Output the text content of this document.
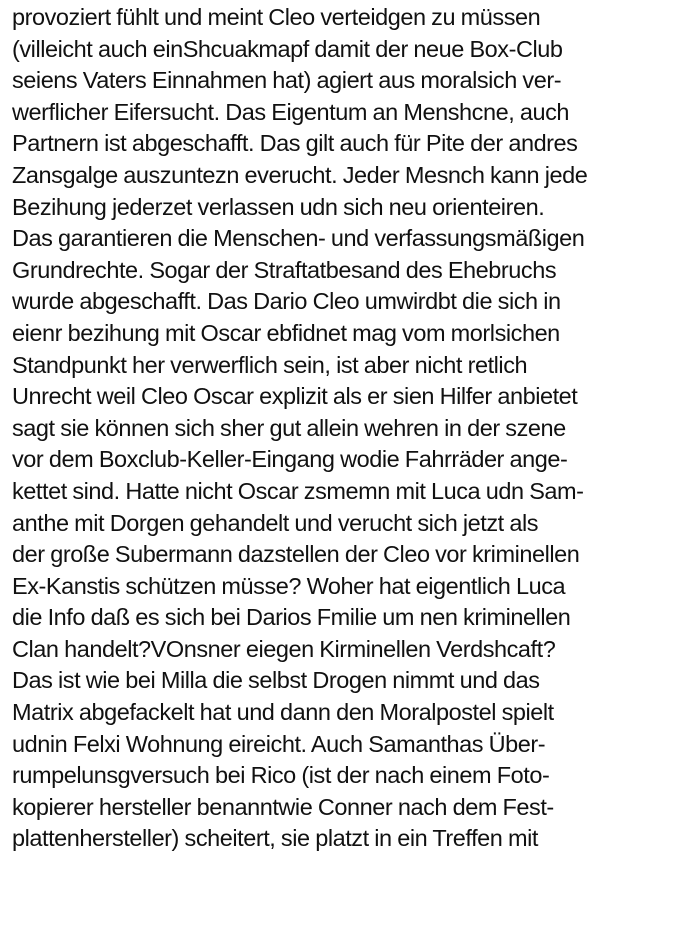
provoziert fühlt und meint Cleo verteidgen zu müssen
(villeicht auch einShcuakmapf damit der neue Box-Club
seiens Vaters Einnahmen hat) agiert aus moralsich ver-
werflicher Eifersucht. Das Eigentum an Menshcne, auch
Partnern ist abgeschafft. Das gilt auch für Pite der andres
Zansgalge auszuntezn everucht. Jeder Mesnch kann jede
Bezihung jederzet verlassen udn sich neu orienteiren.
Das garantieren die Menschen- und verfassungsmäßigen
Grundrechte. Sogar der Straftatbesand des Ehebruchs
wurde abgeschafft. Das Dario Cleo umwirdbt die sich in
eienr bezihung mit Oscar ebfidnet mag vom morlsichen
Standpunkt her verwerflich sein, ist aber nicht retlich
Unrecht weil Cleo Oscar explizit als er sien Hilfer anbietet
sagt sie können sich sher gut allein wehren in der szene
vor dem Boxclub-Keller-Eingang wodie Fahrräder ange-
kettet sind. Hatte nicht Oscar zsmemn mit Luca udn Sam-
anthe mit Dorgen gehandelt und veruсht sich jetzt als
der große Subermann dazstellen der Cleo vor kriminellen
Ex-Kanstis schützen müsse? Woher hat eigentlich Luca
die Info daß es sich bei Darios Fmilie um nen kriminellen
Clan handelt?VOnsner eiegen Kirminellen Verdshcaft?
Das ist wie bei Milla die selbst Drogen nimmt und das
Matrix abgefackelt hat und dann den Moralpostel spielt
udnin Felxi Wohnung eireicht. Auch Samanthas Über-
rumpelunsgversuch bei Rico (ist der nach einem Foto-
kopierer hersteller benanntwie Conner nach dem Fest-
plattenhersteller) scheitert, sie platzt in ein Treffen mit
